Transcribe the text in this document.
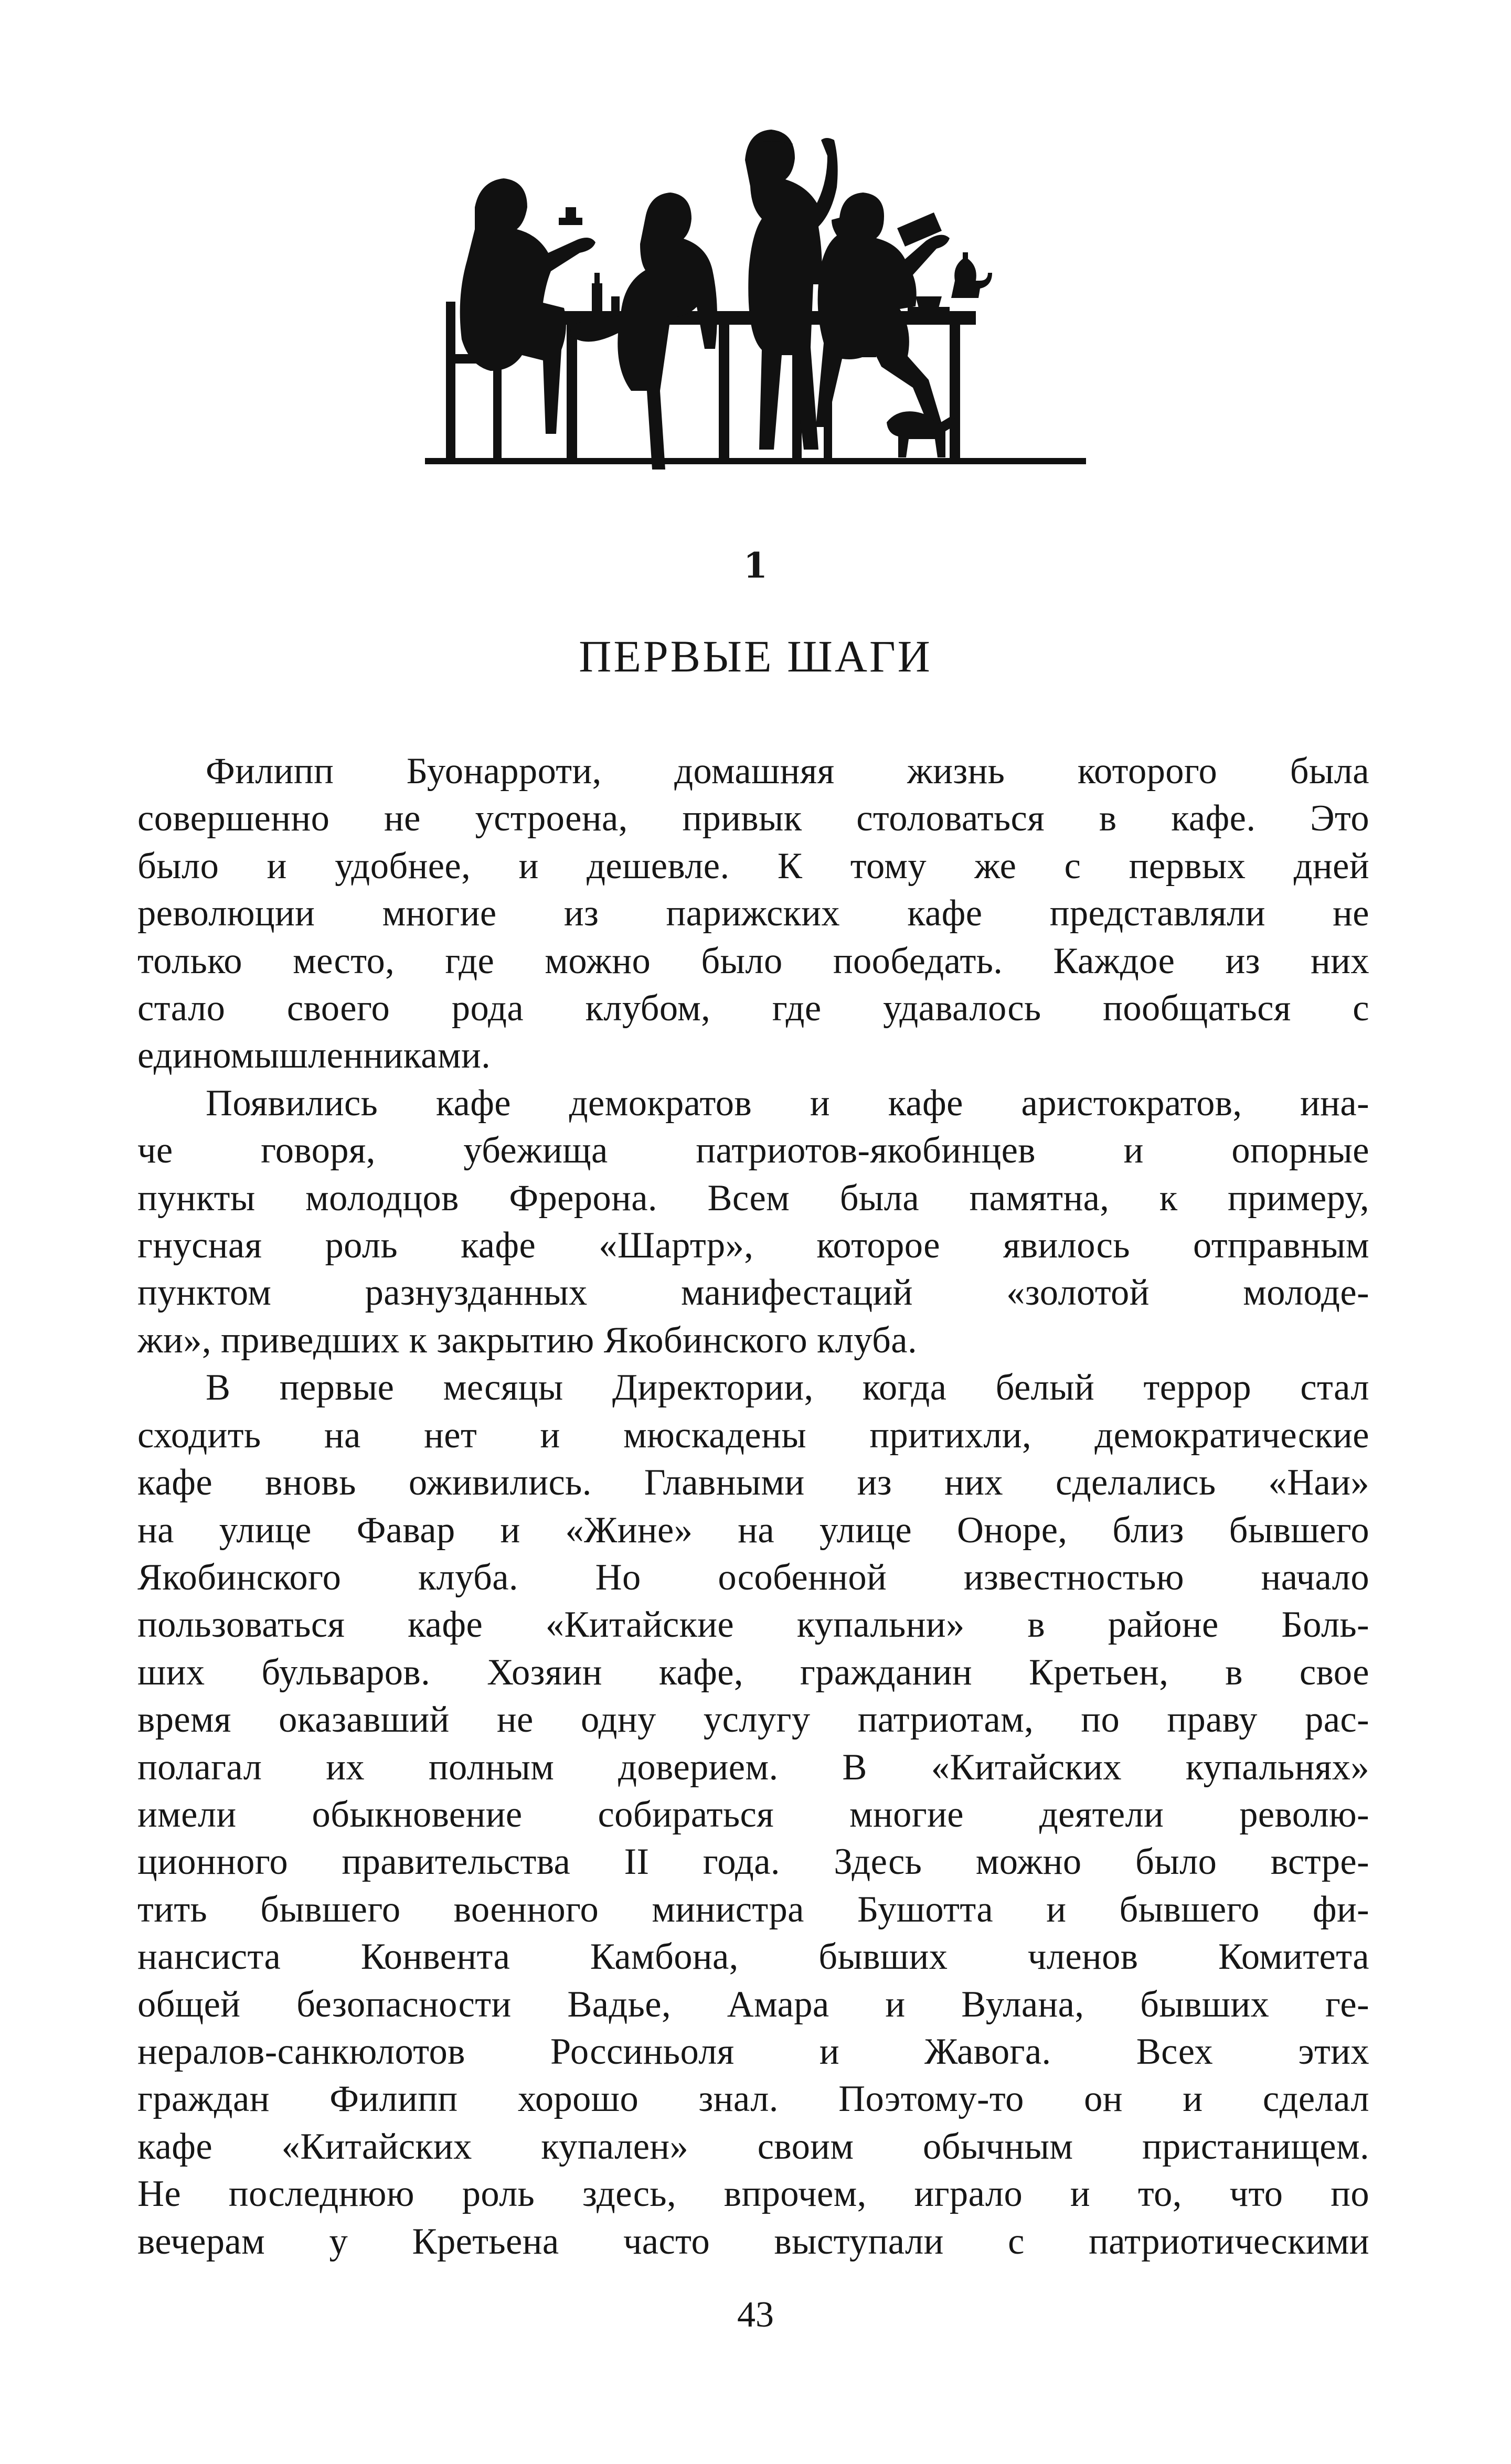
1
ПЕРВЫЕ ШАГИ

Филипп Буонарроти, домашняя жизнь которого была

совершенно не устроена, привык столоваться в кафе. Это

было и удобнее, и дешевле. К тому же с первых дней

революции многие из парижских кафе представляли не

только место, где можно было пообедать. Каждое из них

стало своего рода клубом, где удавалось пообщаться с

единомышленниками.

Появились кафе демократов и кафе аристократов, ина-

че говоря, убежища патриотов-якобинцев и опорные

пункты молодцов Фрерона. Всем была памятна, к примеру,

гнусная роль кафе «Шартр», которое явилось отправным

пунктом разнузданных манифестаций «золотой молоде-

жи», приведших к закрытию Якобинского клуба.

В первые месяцы Директории, когда белый террор стал

сходить на нет и мюскадены притихли, демократические

кафе вновь оживились. Главными из них сделались «Наи»

на улице Фавар и «Жине» на улице Оноре, близ бывшего

Якобинского клуба. Но особенной известностью начало

пользоваться кафе «Китайские купальни» в районе Боль-

ших бульваров. Хозяин кафе, гражданин Кретьен, в свое

время оказавший не одну услугу патриотам, по праву рас-

полагал их полным доверием. В «Китайских купальнях»

имели обыкновение собираться многие деятели револю-

ционного правительства II года. Здесь можно было встре-

тить бывшего военного министра Бушотта и бывшего фи-

нансиста Конвента Камбона, бывших членов Комитета

общей безопасности Вадье, Амара и Вулана, бывших ге-

нералов-санкюлотов Россиньоля и Жавога. Всех этих

граждан Филипп хорошо знал. Поэтому-то он и сделал

кафе «Китайских купален» своим обычным пристанищем.

Не последнюю роль здесь, впрочем, играло и то, что по

вечерам у Кретьена часто выступали с патриотическими

43
